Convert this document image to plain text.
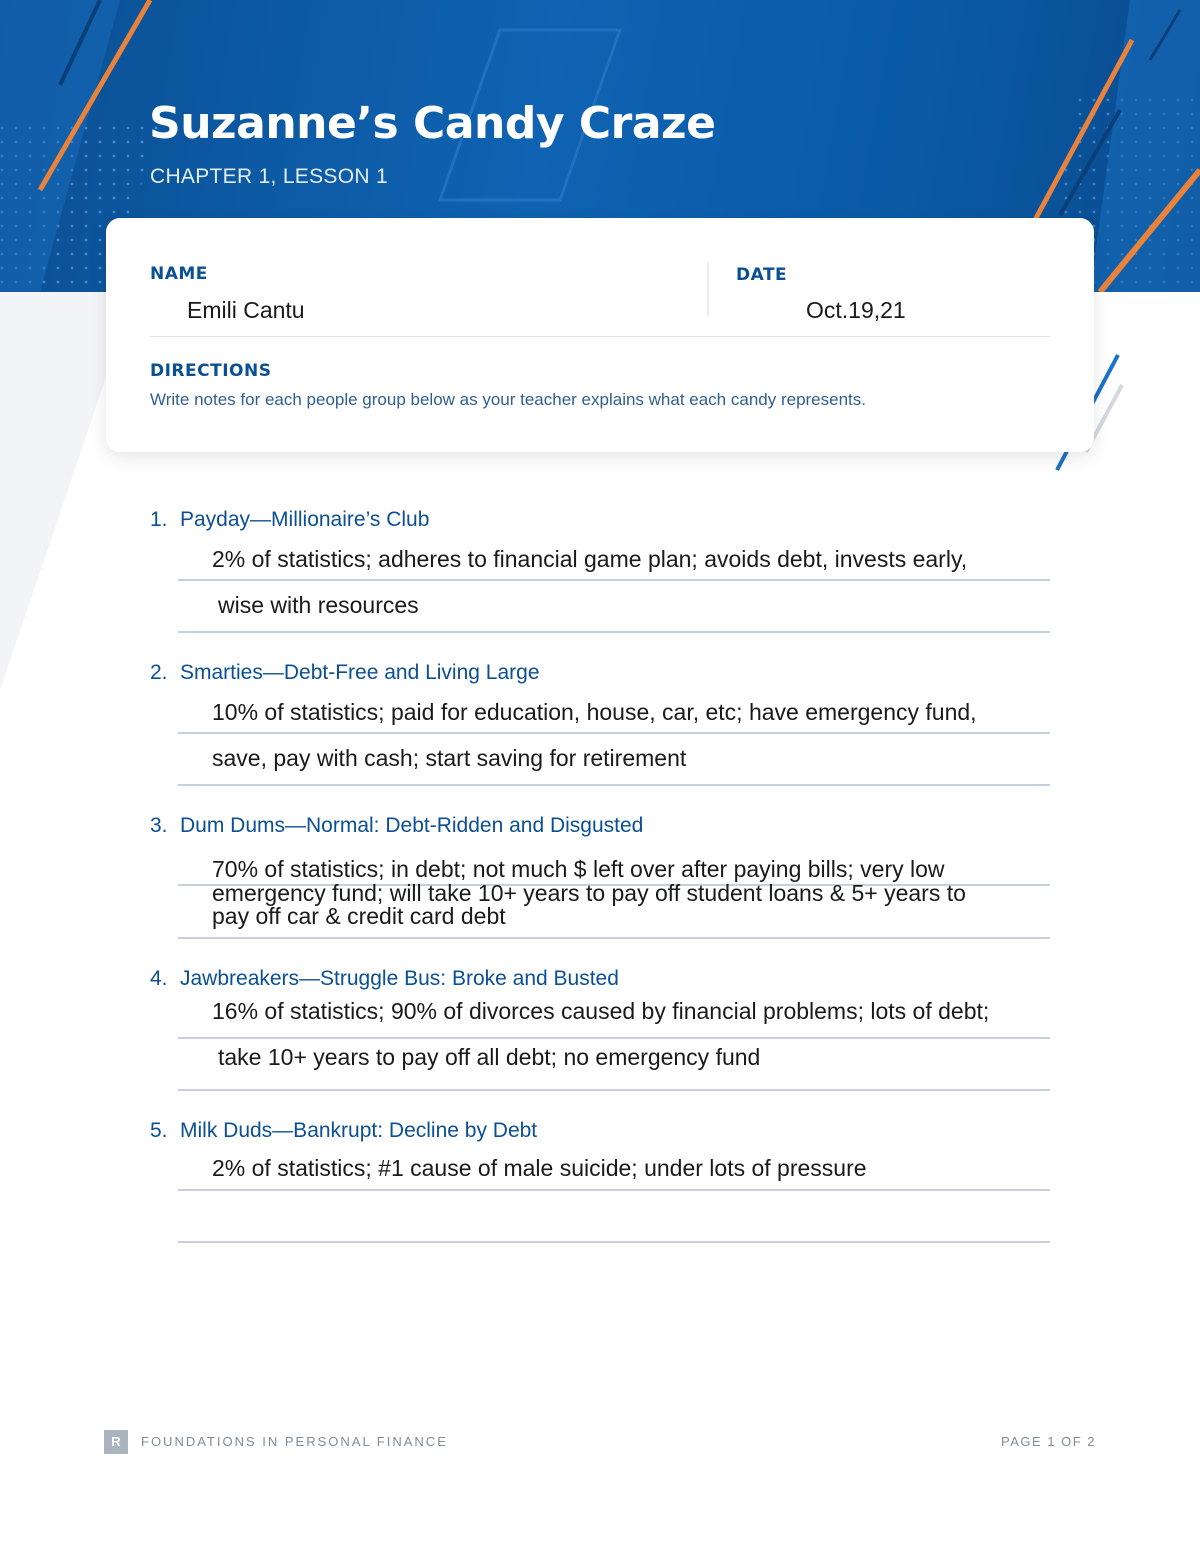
Suzanne’s Candy Craze

CHAPTER 1, LESSON 1

NAME

Emili Cantu

DATE

Oct.19,21

DIRECTIONS

Write notes for each people group below as your teacher explains what each candy represents.

1. Payday—Millionaire’s Club

2% of statistics; adheres to financial game plan; avoids debt, invests early,

wise with resources

2. Smarties—Debt-Free and Living Large

10% of statistics; paid for education, house, car, etc; have emergency fund,

save, pay with cash; start saving for retirement

3. Dum Dums—Normal: Debt-Ridden and Disgusted

70% of statistics; in debt; not much $ left over after paying bills; very low

emergency fund; will take 10+ years to pay off student loans & 5+ years to

pay off car & credit card debt

4. Jawbreakers—Struggle Bus: Broke and Busted

16% of statistics; 90% of divorces caused by financial problems; lots of debt;

take 10+ years to pay off all debt; no emergency fund

5. Milk Duds—Bankrupt: Decline by Debt

2% of statistics; #1 cause of male suicide; under lots of pressure

R	FOUNDATIONS IN PERSONAL FINANCE	PAGE 1 OF 2
